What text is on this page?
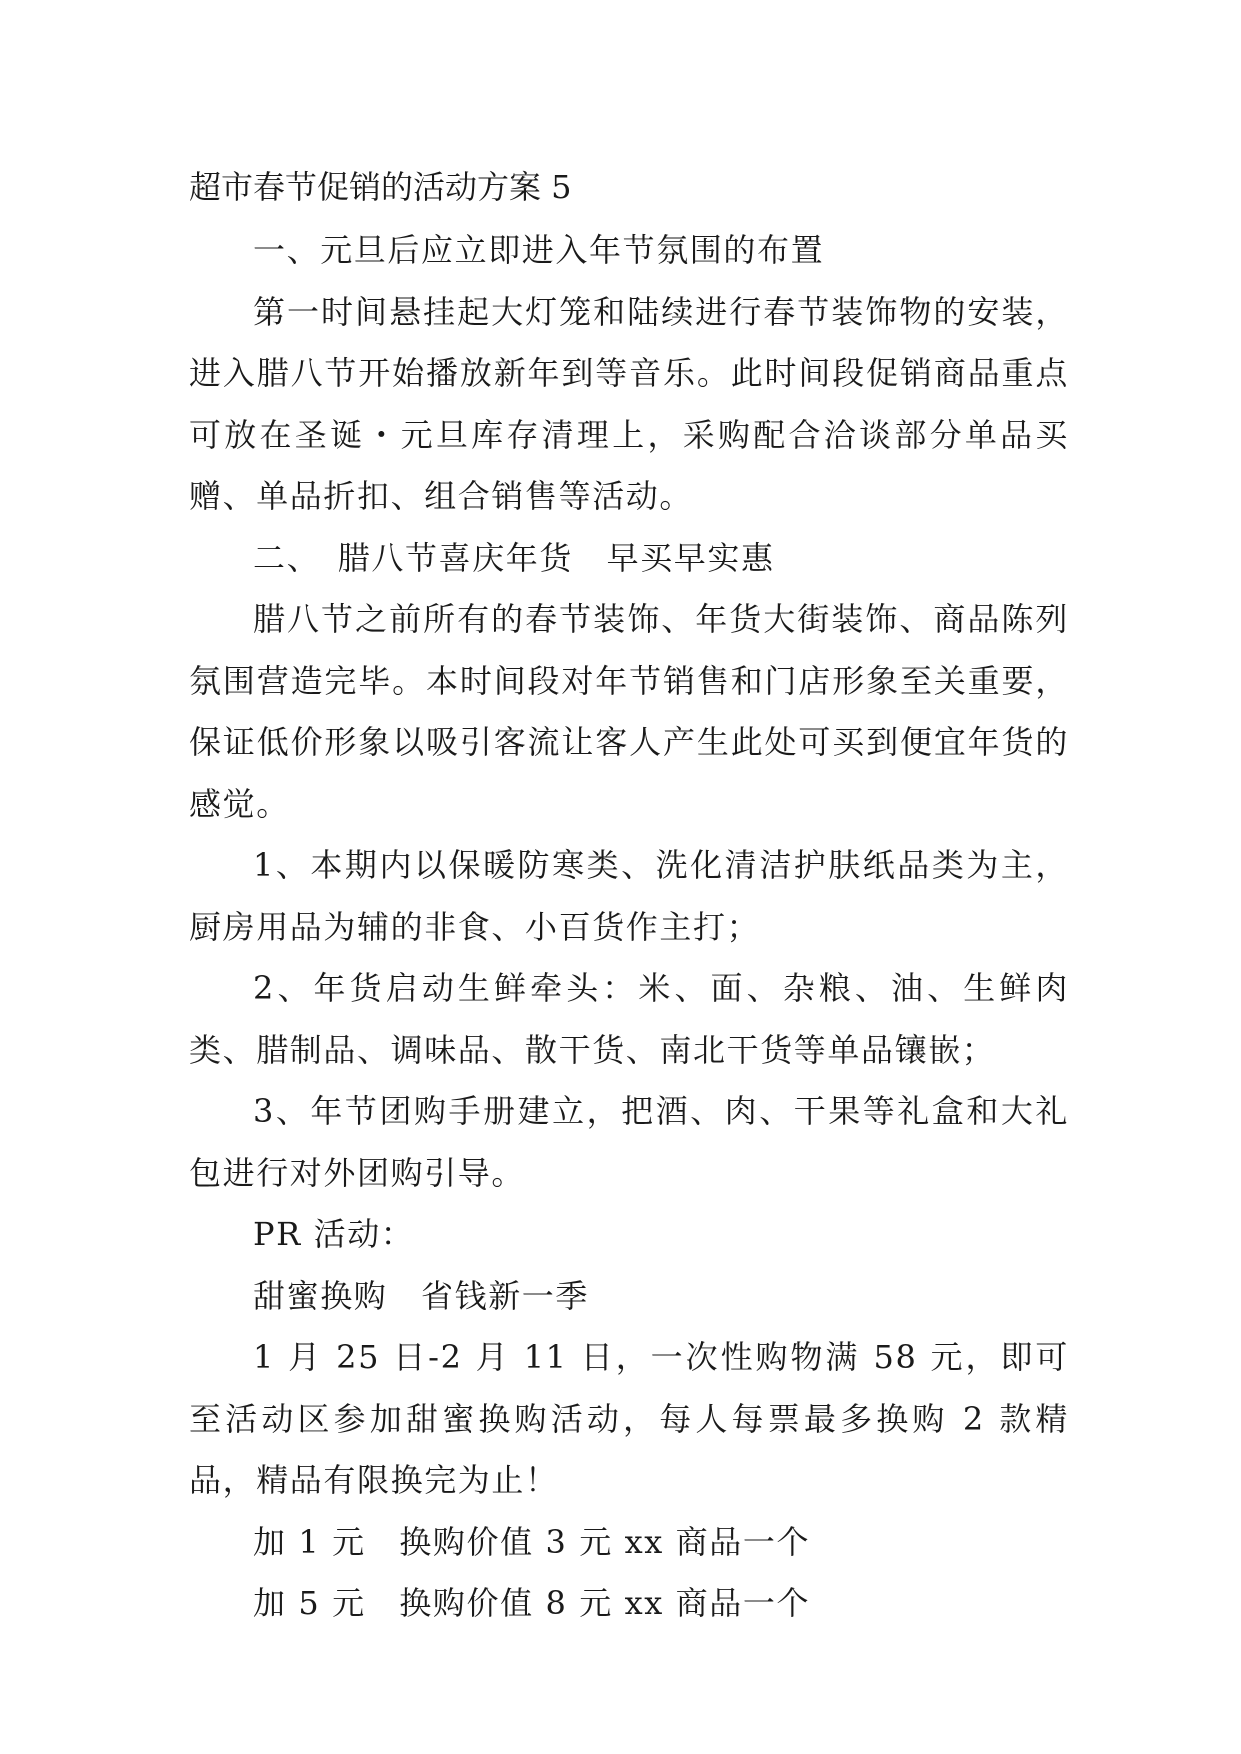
超市春节促销的活动方案 5

一、元旦后应立即进入年节氛围的布置

第一时间悬挂起大灯笼和陆续进行春节装饰物的安装，进入腊八节开始播放新年到等音乐。此时间段促销商品重点可放在圣诞・元旦库存清理上，采购配合洽谈部分单品买赠、单品折扣、组合销售等活动。

二、　腊八节喜庆年货　早买早实惠

腊八节之前所有的春节装饰、年货大街装饰、商品陈列氛围营造完毕。本时间段对年节销售和门店形象至关重要，保证低价形象以吸引客流让客人产生此处可买到便宜年货的感觉。

1、本期内以保暖防寒类、洗化清洁护肤纸品类为主，厨房用品为辅的非食、小百货作主打；

2、年货启动生鲜牵头：米、面、杂粮、油、生鲜肉类、腊制品、调味品、散干货、南北干货等单品镶嵌；

3、年节团购手册建立，把酒、肉、干果等礼盒和大礼包进行对外团购引导。

PR 活动：

甜蜜换购　省钱新一季

1 月 25 日-2 月 11 日，一次性购物满 58 元，即可至活动区参加甜蜜换购活动，每人每票最多换购 2 款精品，精品有限换完为止！

加 1 元　换购价值 3 元 xx 商品一个

加 5 元　换购价值 8 元 xx 商品一个
